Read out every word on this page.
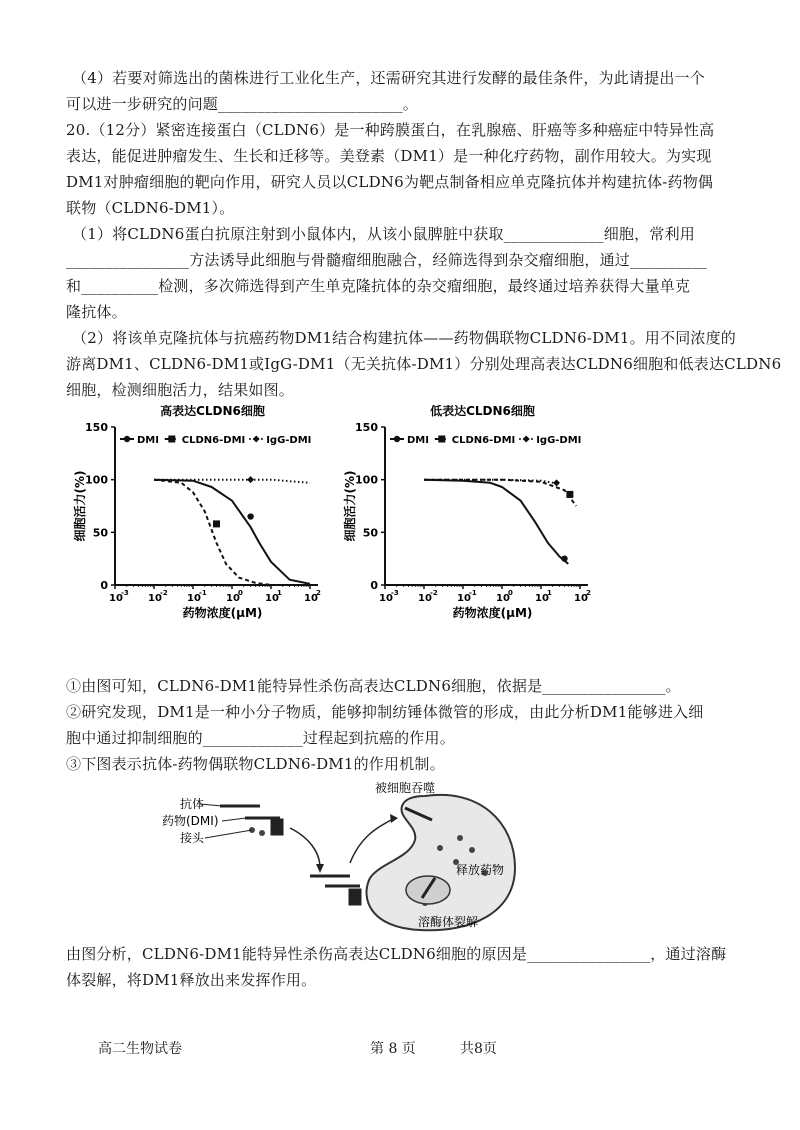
（4）若要对筛选出的菌株进行工业化生产，还需研究其进行发酵的最佳条件，为此请提出一个
可以进一步研究的问题________________________。
20.（12分）紧密连接蛋白（CLDN6）是一种跨膜蛋白，在乳腺癌、肝癌等多种癌症中特异性高
表达，能促进肿瘤发生、生长和迁移等。美登素（DM1）是一种化疗药物，副作用较大。为实现
DM1对肿瘤细胞的靶向作用，研究人员以CLDN6为靶点制备相应单克隆抗体并构建抗体-药物偶
联物（CLDN6-DM1）。
（1）将CLDN6蛋白抗原注射到小鼠体内，从该小鼠脾脏中获取_____________细胞，常利用
________________方法诱导此细胞与骨髓瘤细胞融合，经筛选得到杂交瘤细胞，通过__________
和__________检测，多次筛选得到产生单克隆抗体的杂交瘤细胞，最终通过培养获得大量单克
隆抗体。
（2）将该单克隆抗体与抗癌药物DM1结合构建抗体——药物偶联物CLDN6-DM1。用不同浓度的
游离DM1、CLDN6-DM1或IgG-DM1（无关抗体-DM1）分别处理高表达CLDN6细胞和低表达CLDN6
细胞，检测细胞活力，结果如图。
高表达CLDN6细胞
0
50
100
150
10
-3 10
-2 10
-1 10
0 10
1 10
2
药物浓度(μM)
细胞活力(%)
DMI CLDN6-DMI IgG-DMI
低表达CLDN6细胞
0
50
100
150
10
-3 10
-2 10
-1 10
0 10
1 10
2
药物浓度(μM)
细胞活力(%)
DMI CLDN6-DMI IgG-DMI
①由图可知，CLDN6-DM1能特异性杀伤高表达CLDN6细胞，依据是________________。
②研究发现，DM1是一种小分子物质，能够抑制纺锤体微管的形成，由此分析DM1能够进入细
胞中通过抑制细胞的_____________过程起到抗癌的作用。
③下图表示抗体-药物偶联物CLDN6-DM1的作用机制。
抗体
药物(DMI)
接头
被细胞吞噬
释放药物
溶酶体裂解
由图分析，CLDN6-DM1能特异性杀伤高表达CLDN6细胞的原因是________________，通过溶酶
体裂解，将DM1释放出来发挥作用。
高二生物试卷	第 8 页	共8页
